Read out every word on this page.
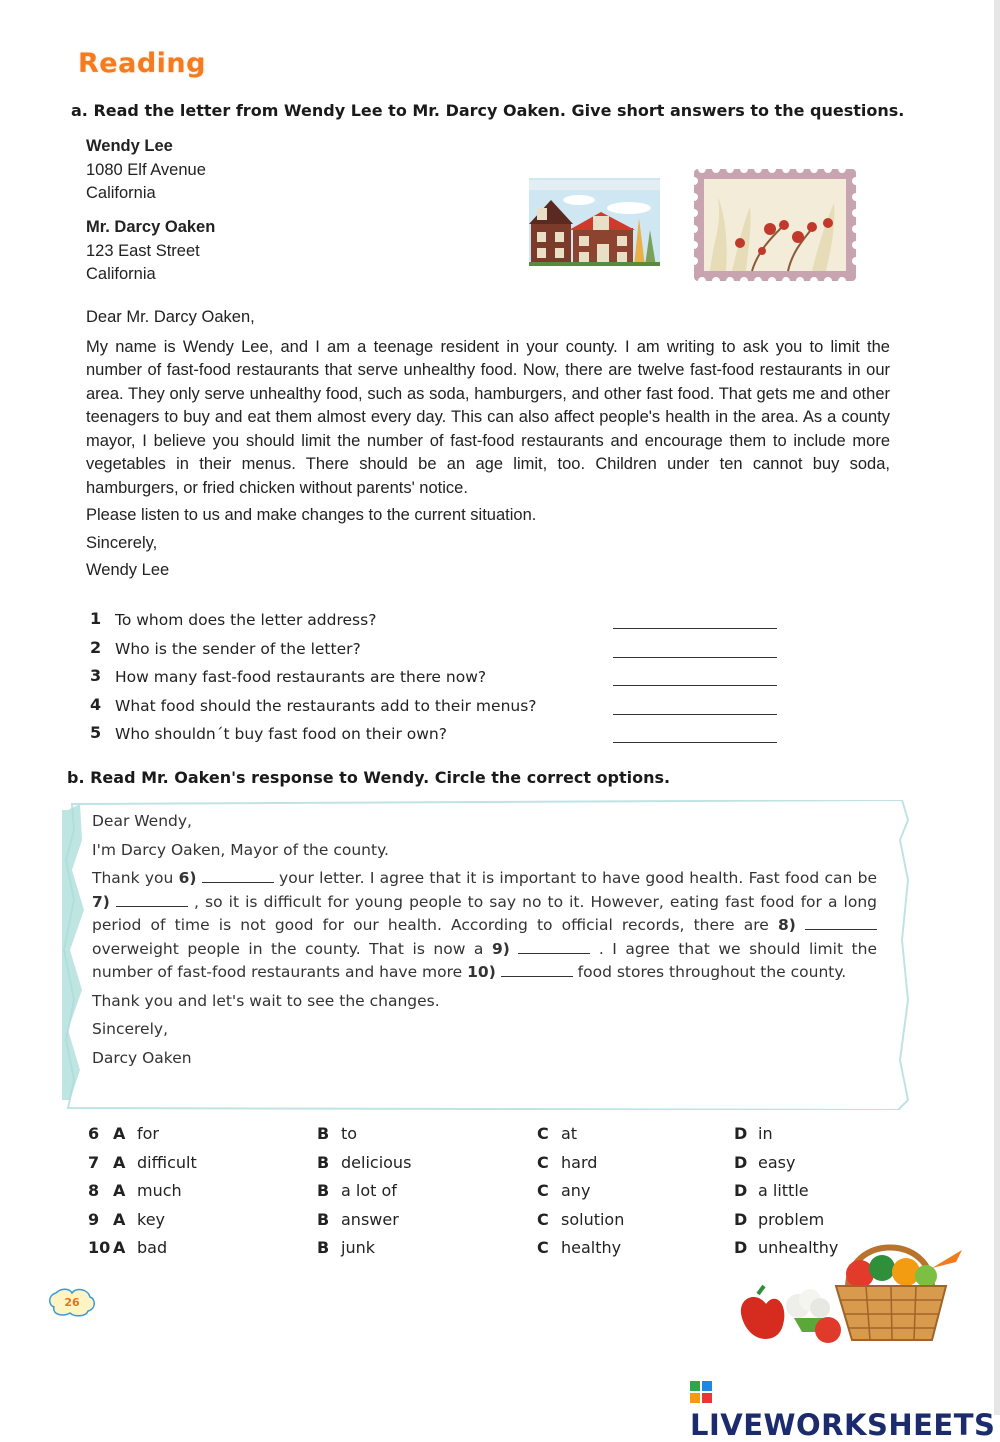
Reading
a. Read the letter from Wendy Lee to Mr. Darcy Oaken. Give short answers to the questions.
Wendy Lee
1080 Elf Avenue
California
Mr. Darcy Oaken
123 East Street
California

Dear Mr. Darcy Oaken,

My name is Wendy Lee, and I am a teenage resident in your county. I am writing to ask you to limit the number of fast-food restaurants that serve unhealthy food. Now, there are twelve fast-food restaurants in our area. They only serve unhealthy food, such as soda, hamburgers, and other fast food. That gets me and other teenagers to buy and eat them almost every day. This can also affect people's health in the area. As a county mayor, I believe you should limit the number of fast-food restaurants and encourage them to include more vegetables in their menus. There should be an age limit, too. Children under ten cannot buy soda, hamburgers, or fried chicken without parents' notice.

Please listen to us and make changes to the current situation.

Sincerely,

Wendy Lee

1 To whom does the letter address?
2 Who is the sender of the letter?
3 How many fast-food restaurants are there now?
4 What food should the restaurants add to their menus?
5 Who shouldn´t buy fast food on their own?
b. Read Mr. Oaken's response to Wendy. Circle the correct options.

Dear Wendy,

I'm Darcy Oaken, Mayor of the county.

Thank you 6)	your letter. I agree that it is important to have good health. Fast food can be 7)	, so it is difficult for young people to say no to it. However, eating fast food for a long period of time is not good for our health. According to official records, there are 8)  overweight people in the county. That is now a 9)	. I agree that we should limit the number of fast-food restaurants and have more 10)	food stores throughout the county.

Thank you and let's wait to see the changes.

Sincerely,

Darcy Oaken

6 A for	B to	C at	D in
7 A difficult	B delicious	C hard	D easy
8 A much	B a lot of	C any	D a little
9 A key	B answer	C solution	D problem
10 A bad	B junk	C healthy	D unhealthy
26
LIVEWORKSHEETS
